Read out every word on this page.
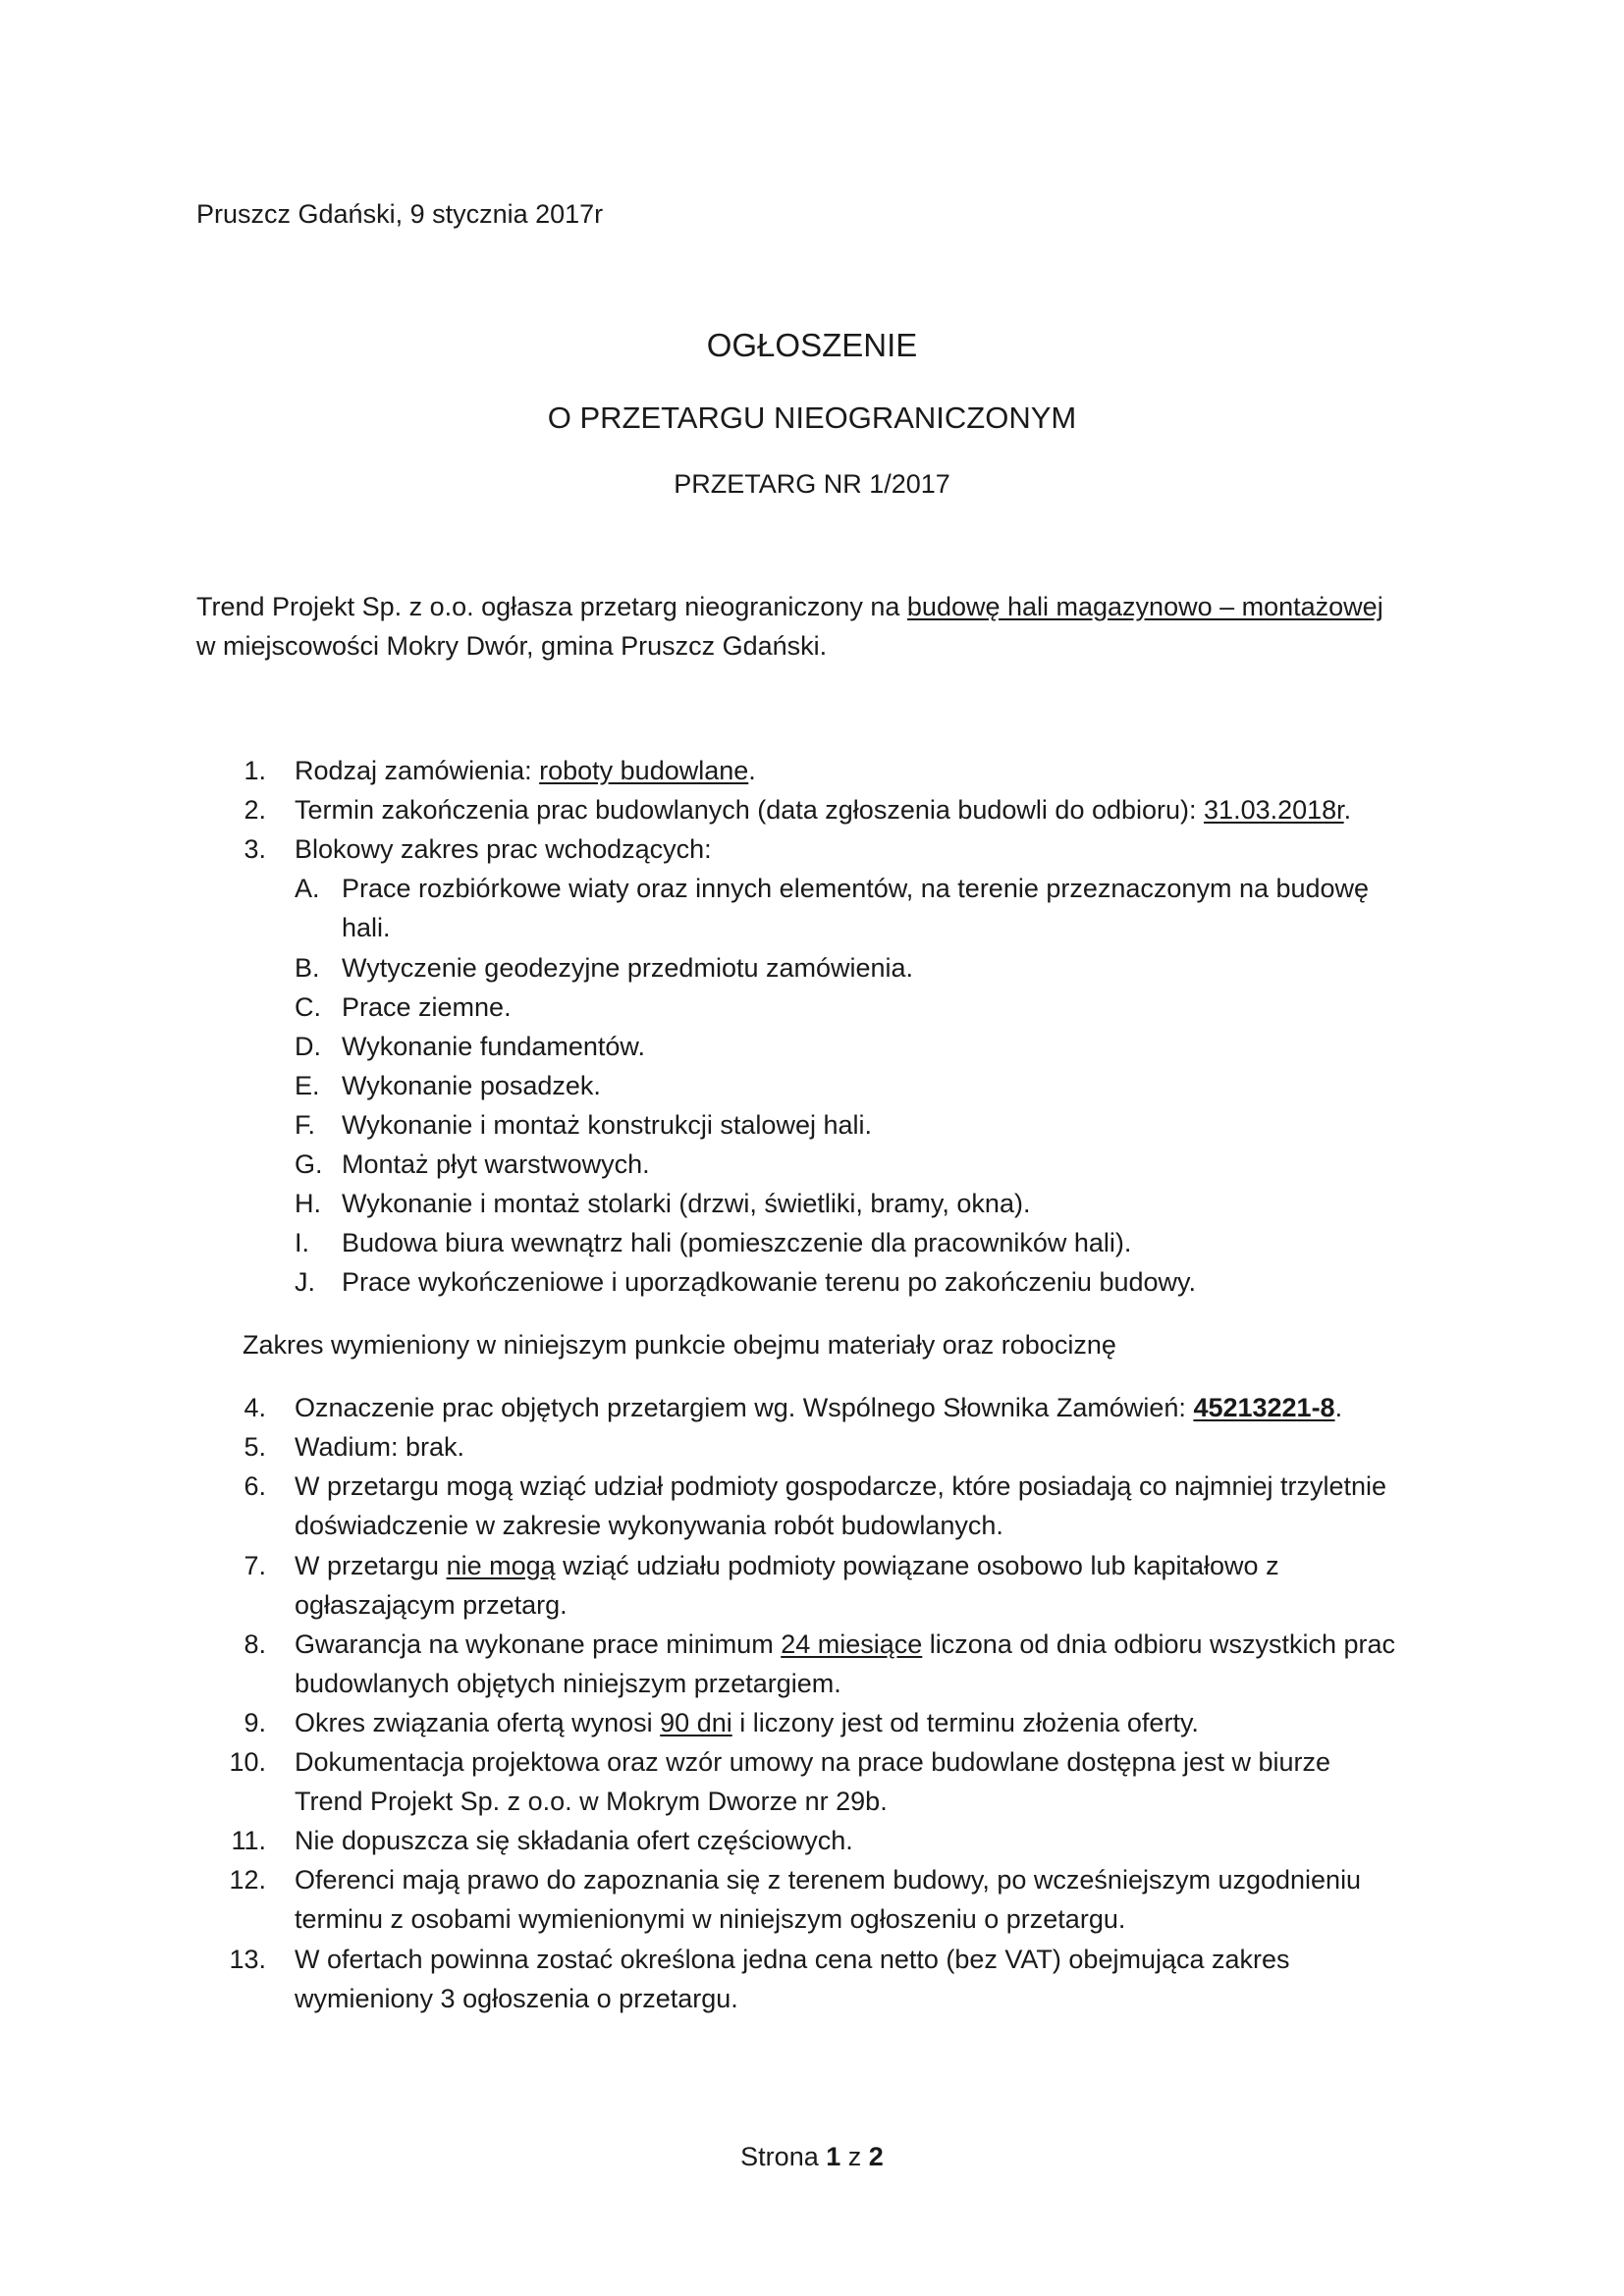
Pruszcz Gdański, 9 stycznia 2017r
OGŁOSZENIE
O PRZETARGU NIEOGRANICZONYM
PRZETARG NR 1/2017
Trend Projekt Sp. z o.o. ogłasza przetarg nieograniczony na budowę hali magazynowo – montażowej
w miejscowości Mokry Dwór, gmina Pruszcz Gdański.
1. Rodzaj zamówienia: roboty budowlane.
2. Termin zakończenia prac budowlanych (data zgłoszenia budowli do odbioru): 31.03.2018r.
3. Blokowy zakres prac wchodzących:
A. Prace rozbiórkowe wiaty oraz innych elementów, na terenie przeznaczonym na budowę
hali.
B. Wytyczenie geodezyjne przedmiotu zamówienia.
C. Prace ziemne.
D. Wykonanie fundamentów.
E. Wykonanie posadzek.
F. Wykonanie i montaż konstrukcji stalowej hali.
G. Montaż płyt warstwowych.
H. Wykonanie i montaż stolarki (drzwi, świetliki, bramy, okna).
I.	Budowa biura wewnątrz hali (pomieszczenie dla pracowników hali).
J. Prace wykończeniowe i uporządkowanie terenu po zakończeniu budowy.
Zakres wymieniony w niniejszym punkcie obejmu materiały oraz robociznę
4. Oznaczenie prac objętych przetargiem wg. Wspólnego Słownika Zamówień: 45213221-8.
5. Wadium: brak.
6. W przetargu mogą wziąć udział podmioty gospodarcze, które posiadają co najmniej trzyletnie
doświadczenie w zakresie wykonywania robót budowlanych.
7. W przetargu nie mogą wziąć udziału podmioty powiązane osobowo lub kapitałowo z
ogłaszającym przetarg.
8. Gwarancja na wykonane prace minimum 24 miesiące liczona od dnia odbioru wszystkich prac
budowlanych objętych niniejszym przetargiem.
9. Okres związania ofertą wynosi 90 dni i liczony jest od terminu złożenia oferty.
10. Dokumentacja projektowa oraz wzór umowy na prace budowlane dostępna jest w biurze
Trend Projekt Sp. z o.o. w Mokrym Dworze nr 29b.
11. Nie dopuszcza się składania ofert częściowych.
12. Oferenci mają prawo do zapoznania się z terenem budowy, po wcześniejszym uzgodnieniu
terminu z osobami wymienionymi w niniejszym ogłoszeniu o przetargu.
13. W ofertach powinna zostać określona jedna cena netto (bez VAT) obejmująca zakres
wymieniony 3 ogłoszenia o przetargu.
Strona 1 z 2
